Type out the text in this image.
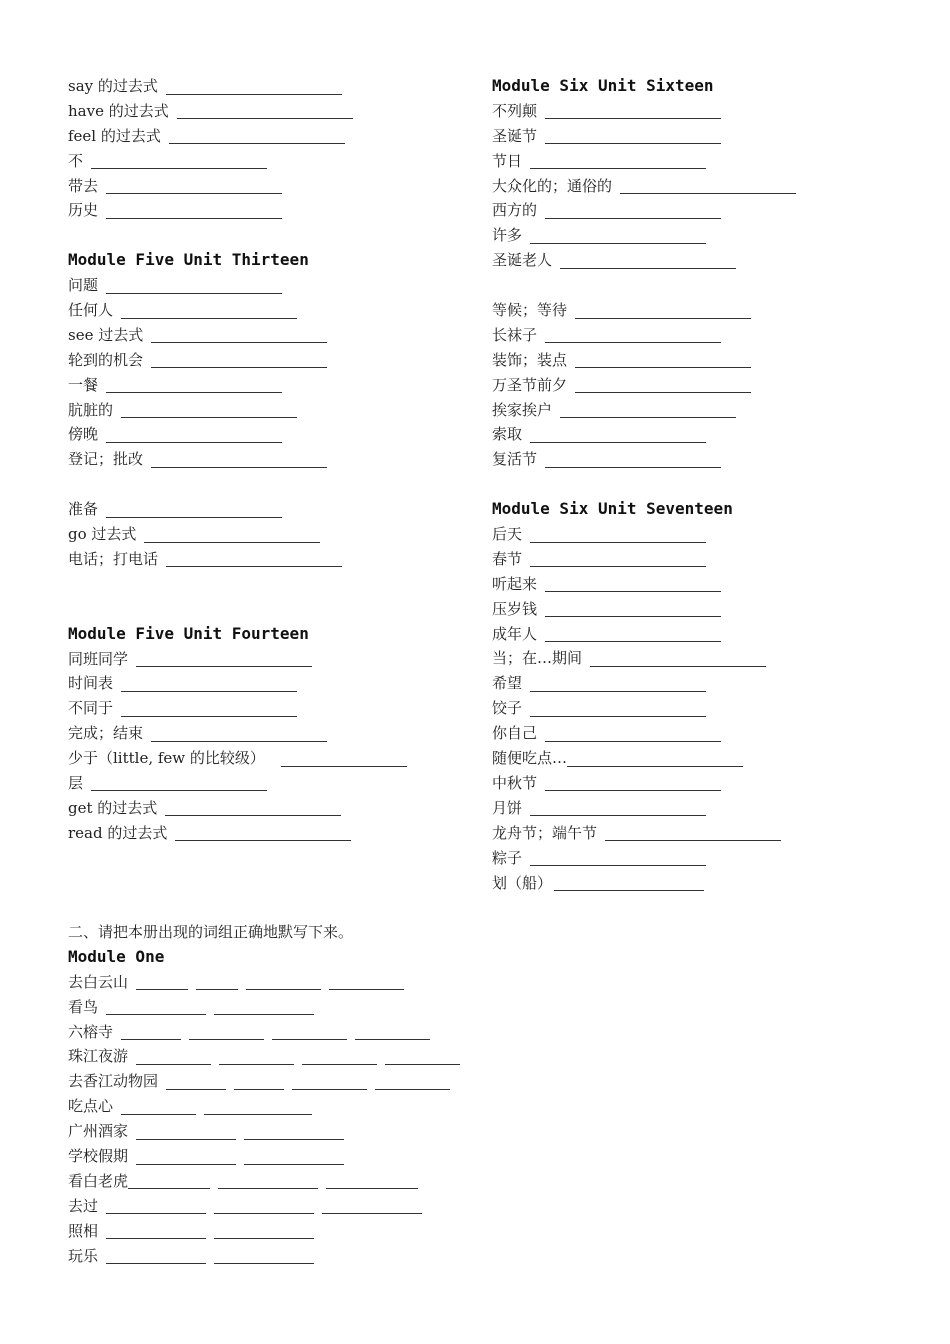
say 的过去式
have 的过去式
feel 的过去式
不
带去
历史
Module Five Unit Thirteen
问题
任何人
see 过去式
轮到的机会
一餐
肮脏的
傍晚
登记；批改
准备
go 过去式
电话；打电话
Module Five Unit Fourteen
同班同学
时间表
不同于
完成；结束
少于（little, few 的比较级）
层
get 的过去式
read 的过去式
Module Six Unit Sixteen
不列颠
圣诞节
节日
大众化的；通俗的
西方的
许多
圣诞老人
等候；等待
长袜子
装饰；装点
万圣节前夕
挨家挨户
索取
复活节
Module Six Unit Seventeen
后天
春节
听起来
压岁钱
成年人
当；在…期间
希望
饺子
你自己
随便吃点…
中秋节
月饼
龙舟节；端午节
粽子
划（船）
二、请把本册出现的词组正确地默写下来。
Module One
去白云山
看鸟
六榕寺
珠江夜游
去香江动物园
吃点心
广州酒家
学校假期
看白老虎
去过
照相
玩乐
